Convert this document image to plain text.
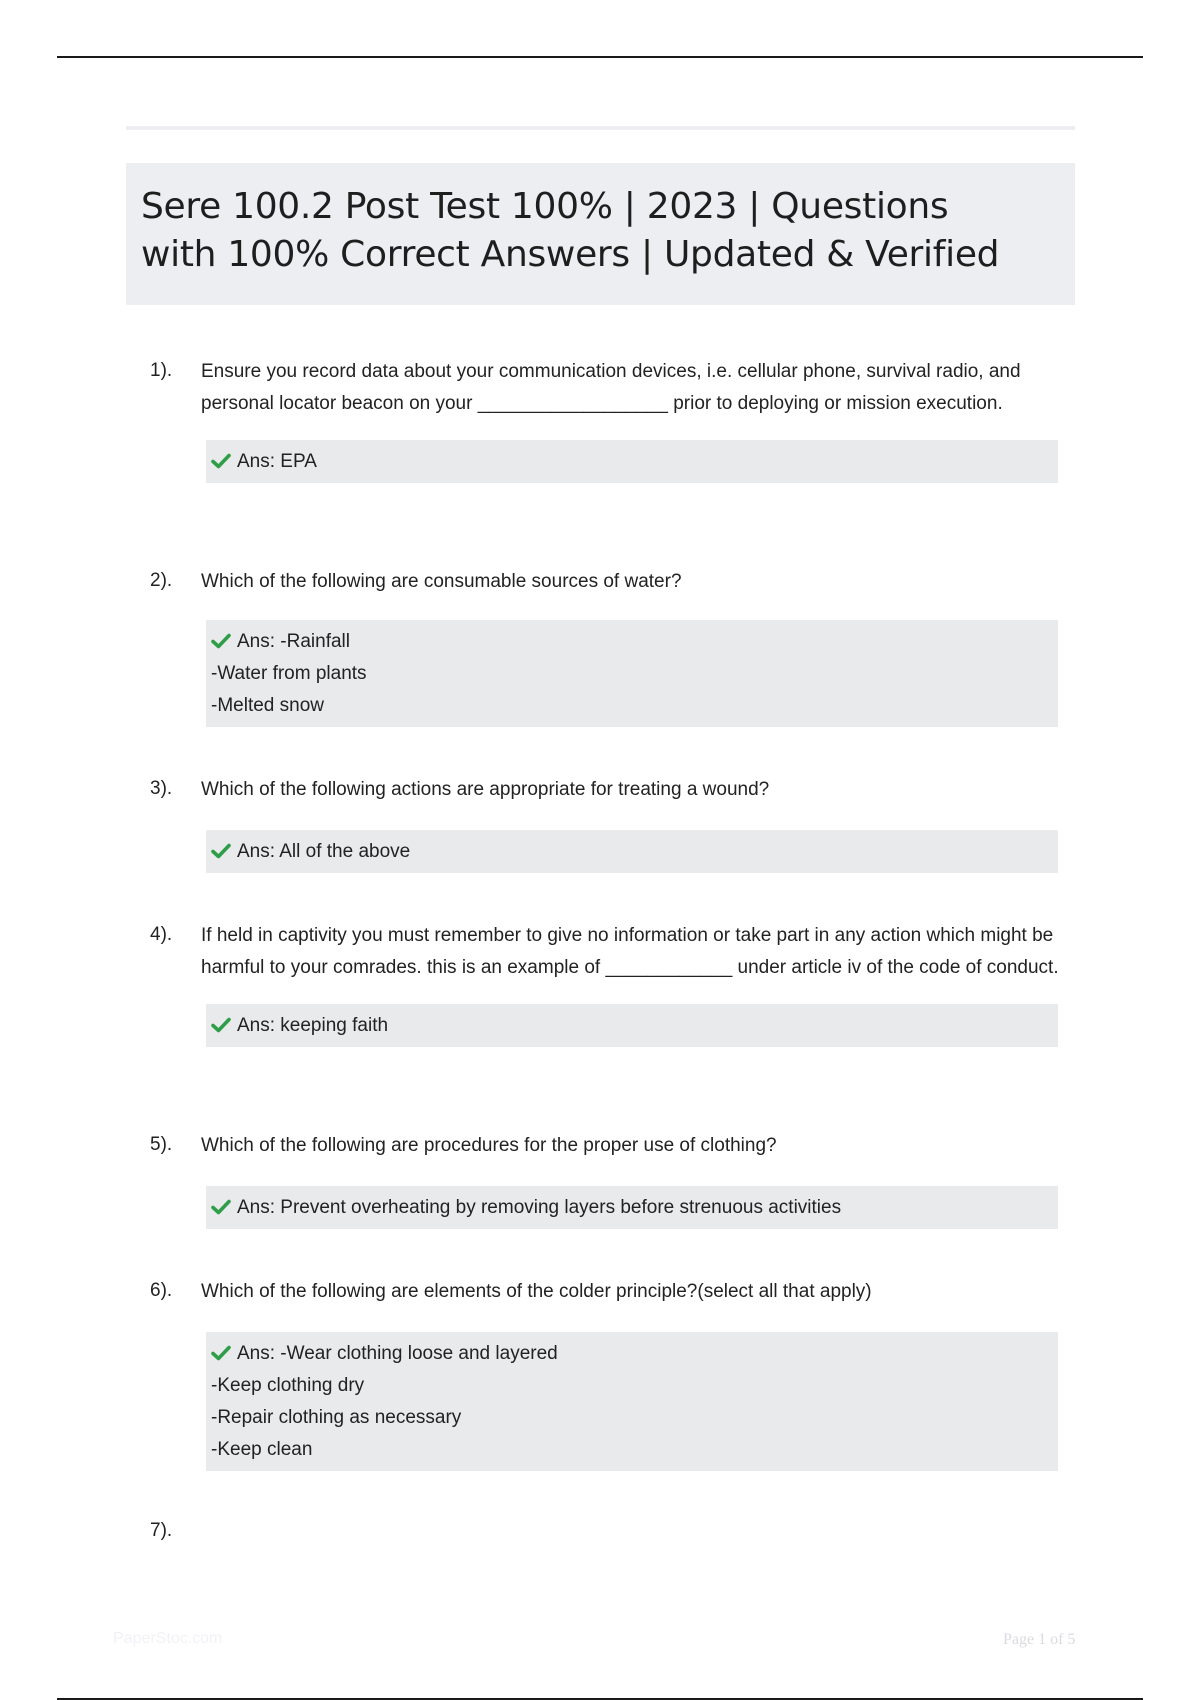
Sere 100.2 Post Test 100% | 2023 | Questions
with 100% Correct Answers | Updated & Verified
1). Ensure you record data about your communication devices, i.e. cellular phone, survival radio, and personal locator beacon on your __________________ prior to deploying or mission execution.
Ans: EPA
2). Which of the following are consumable sources of water?
Ans: -Rainfall
-Water from plants
-Melted snow
3). Which of the following actions are appropriate for treating a wound?
Ans: All of the above
4). If held in captivity you must remember to give no information or take part in any action which might be harmful to your comrades. this is an example of ____________ under article iv of the code of conduct.
Ans: keeping faith
5). Which of the following are procedures for the proper use of clothing?
Ans: Prevent overheating by removing layers before strenuous activities
6). Which of the following are elements of the colder principle?(select all that apply)
Ans: -Wear clothing loose and layered
-Keep clothing dry
-Repair clothing as necessary
-Keep clean
7).
PaperStoc.com	Page 1 of 5
